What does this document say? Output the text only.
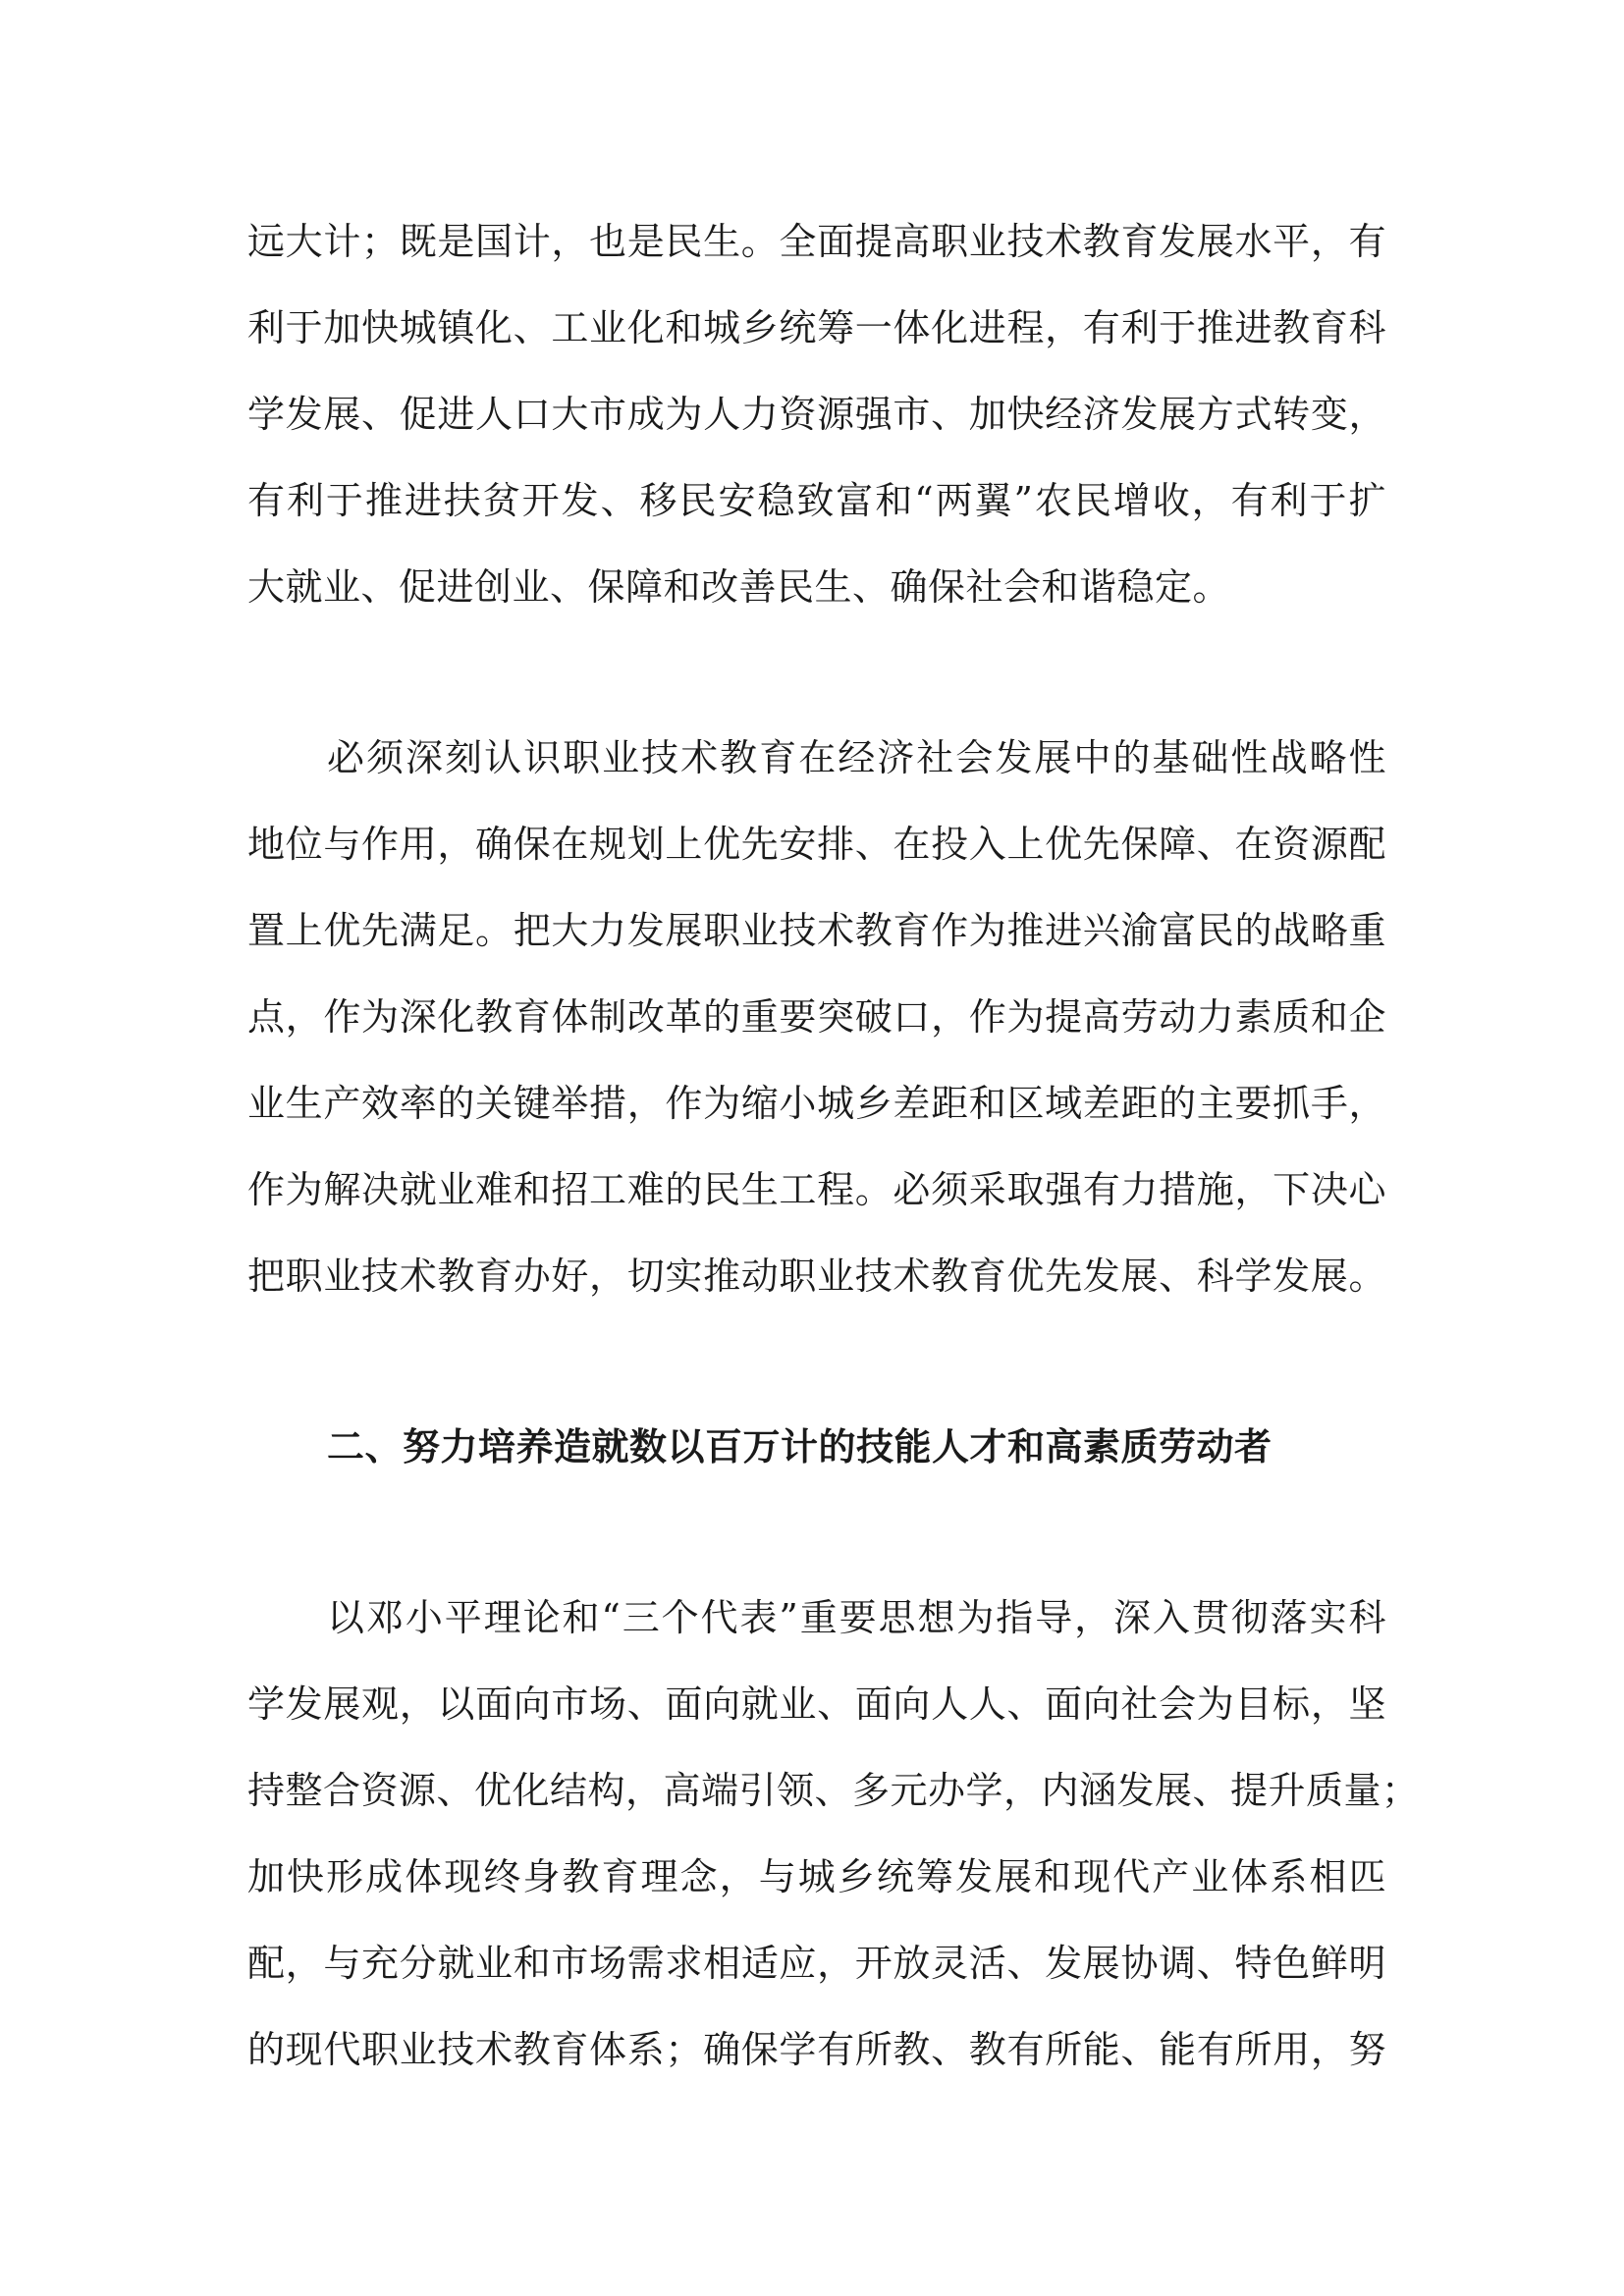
远大计；既是国计，也是民生。全面提高职业技术教育发展水平，有
利于加快城镇化、工业化和城乡统筹一体化进程，有利于推进教育科
学发展、促进人口大市成为人力资源强市、加快经济发展方式转变，
有利于推进扶贫开发、移民安稳致富和“两翼”农民增收，有利于扩
大就业、促进创业、保障和改善民生、确保社会和谐稳定。
必须深刻认识职业技术教育在经济社会发展中的基础性战略性
地位与作用，确保在规划上优先安排、在投入上优先保障、在资源配
置上优先满足。把大力发展职业技术教育作为推进兴渝富民的战略重
点，作为深化教育体制改革的重要突破口，作为提高劳动力素质和企
业生产效率的关键举措，作为缩小城乡差距和区域差距的主要抓手，
作为解决就业难和招工难的民生工程。必须采取强有力措施，下决心
把职业技术教育办好，切实推动职业技术教育优先发展、科学发展。
二、努力培养造就数以百万计的技能人才和高素质劳动者
以邓小平理论和“三个代表”重要思想为指导，深入贯彻落实科
学发展观，以面向市场、面向就业、面向人人、面向社会为目标，坚
持整合资源、优化结构，高端引领、多元办学，内涵发展、提升质量；
加快形成体现终身教育理念，与城乡统筹发展和现代产业体系相匹
配，与充分就业和市场需求相适应，开放灵活、发展协调、特色鲜明
的现代职业技术教育体系；确保学有所教、教有所能、能有所用，努
